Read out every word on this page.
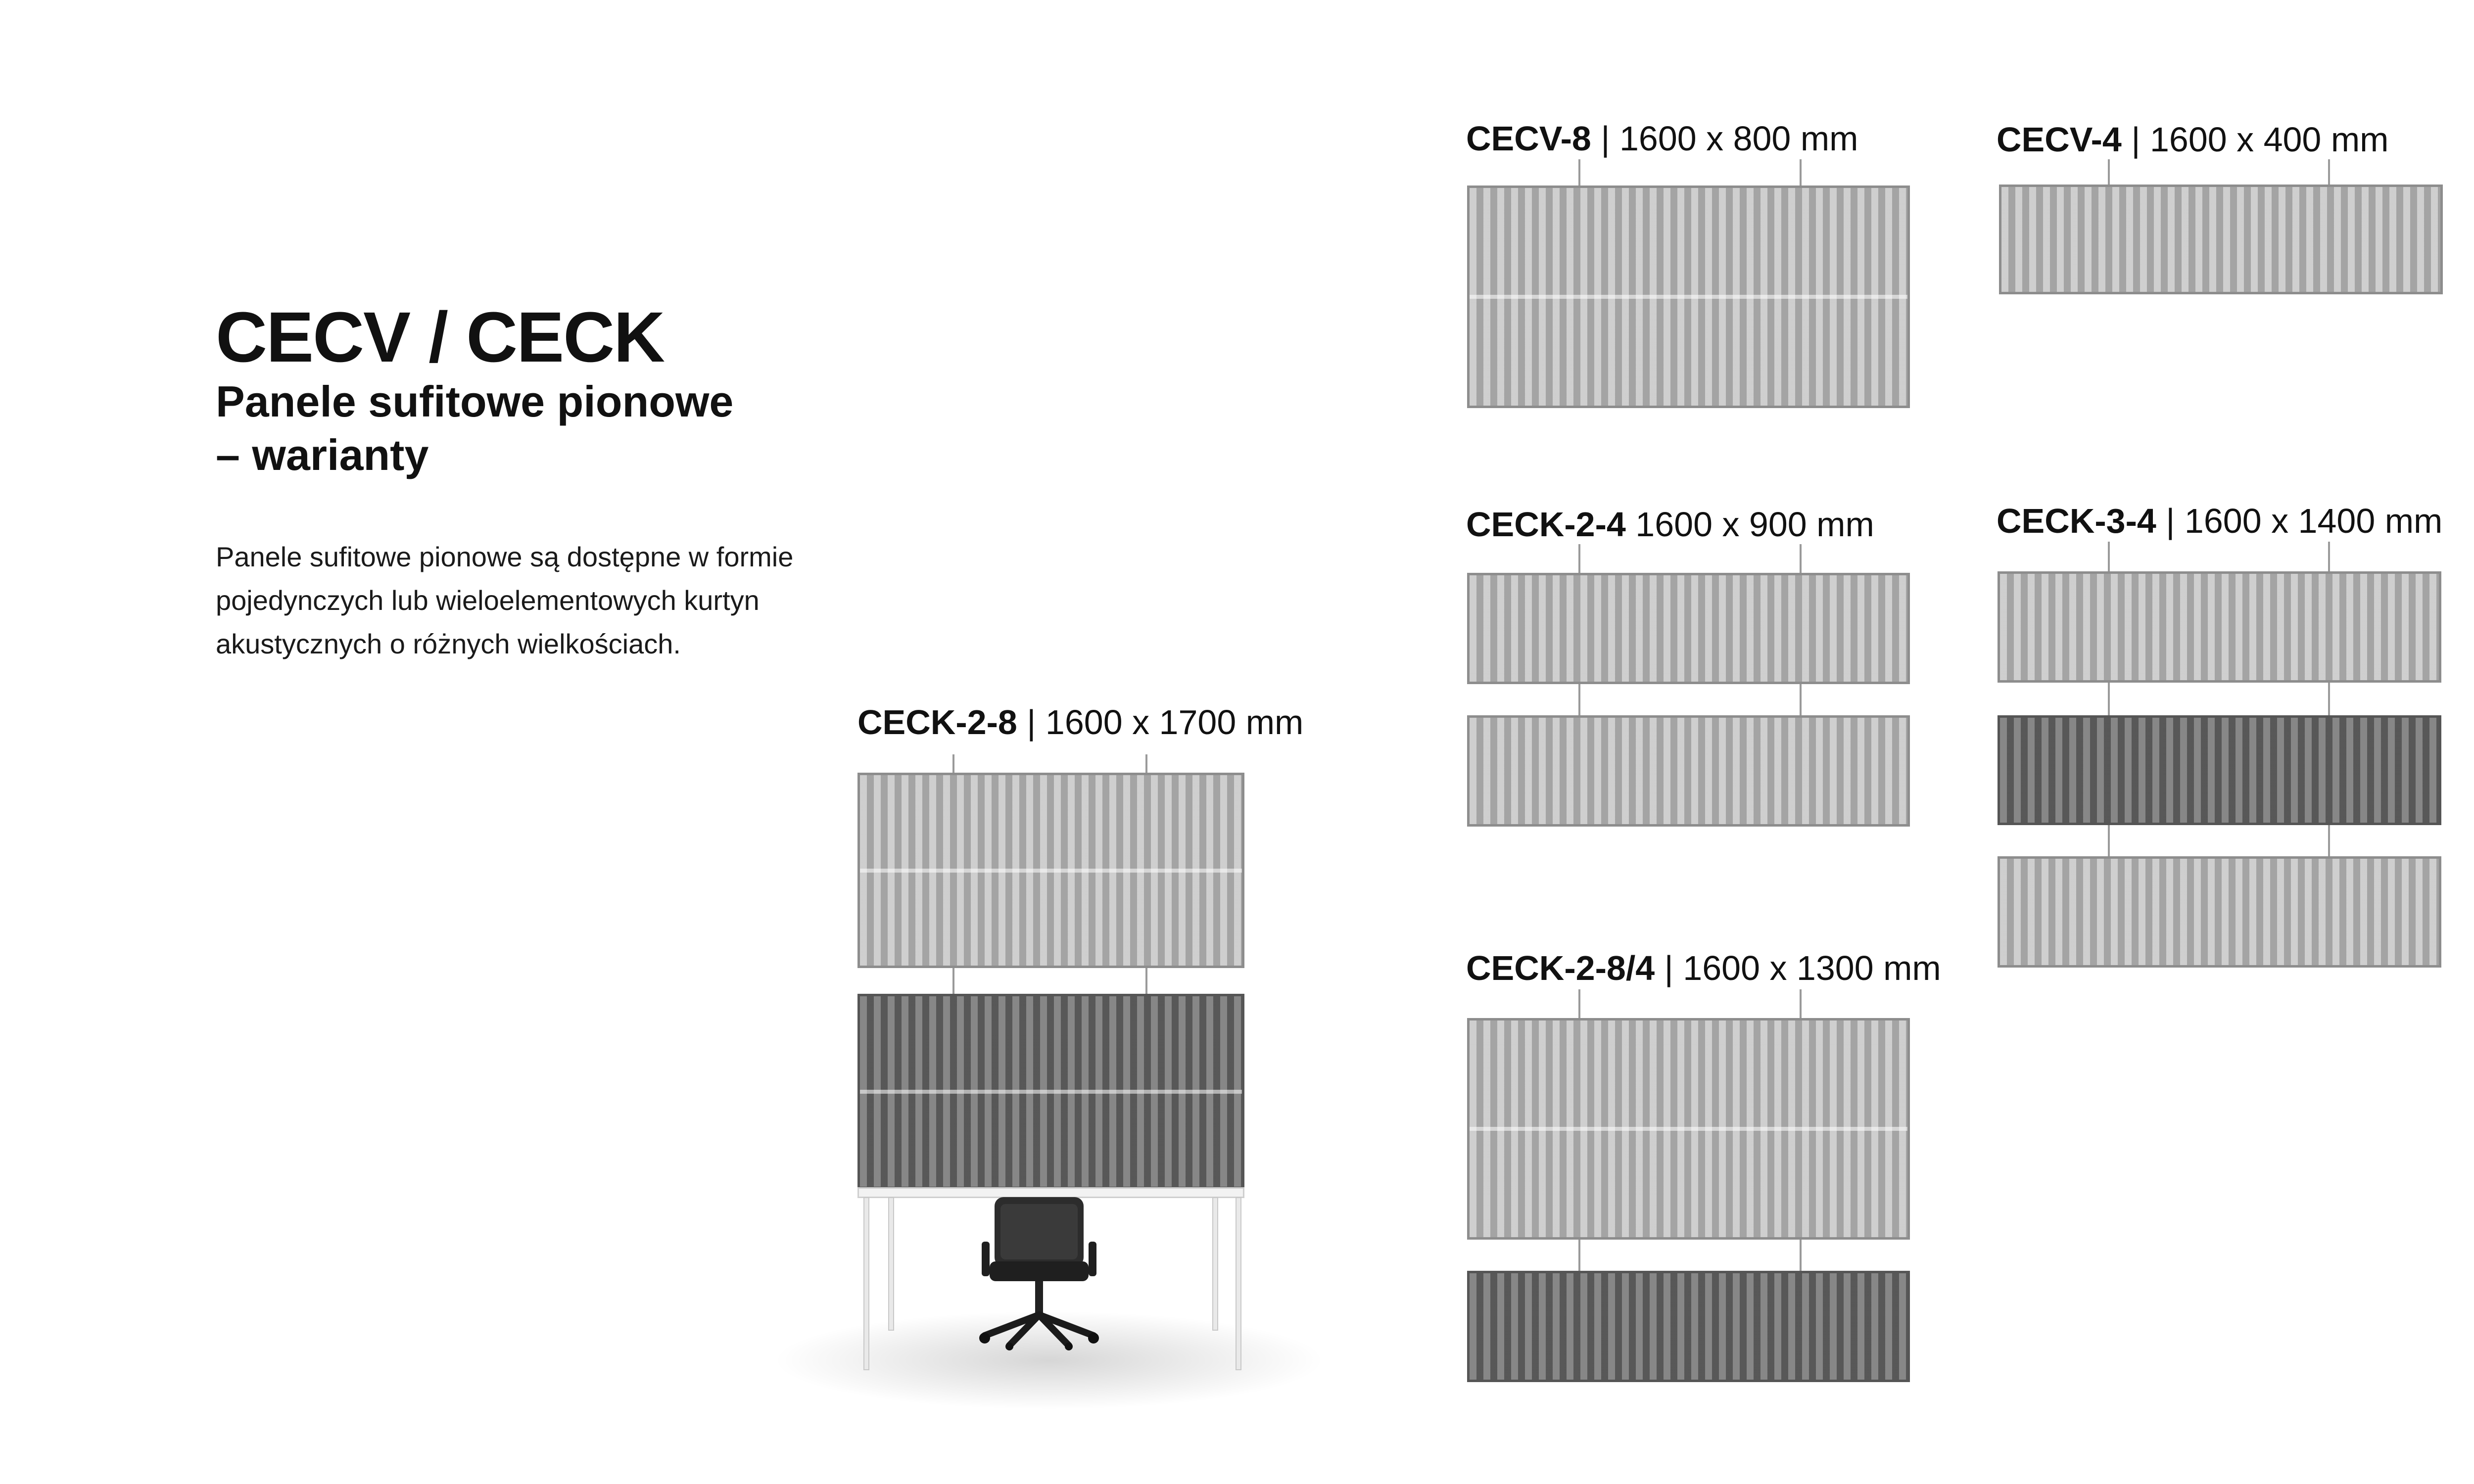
CECV / CECK
Panele sufitowe pionowe
– warianty

Panele sufitowe pionowe są dostępne w formie
pojedynczych lub wieloelementowych kurtyn
akustycznych o różnych wielkościach.

CECK-2-8 | 1600 x 1700 mm
CECV-8 | 1600 x 800 mm	CECV-4 | 1600 x 400 mm
CECK-2-4 1600 x 900 mm	CECK-3-4 | 1600 x 1400 mm
CECK-2-8/4 | 1600 x 1300 mm
